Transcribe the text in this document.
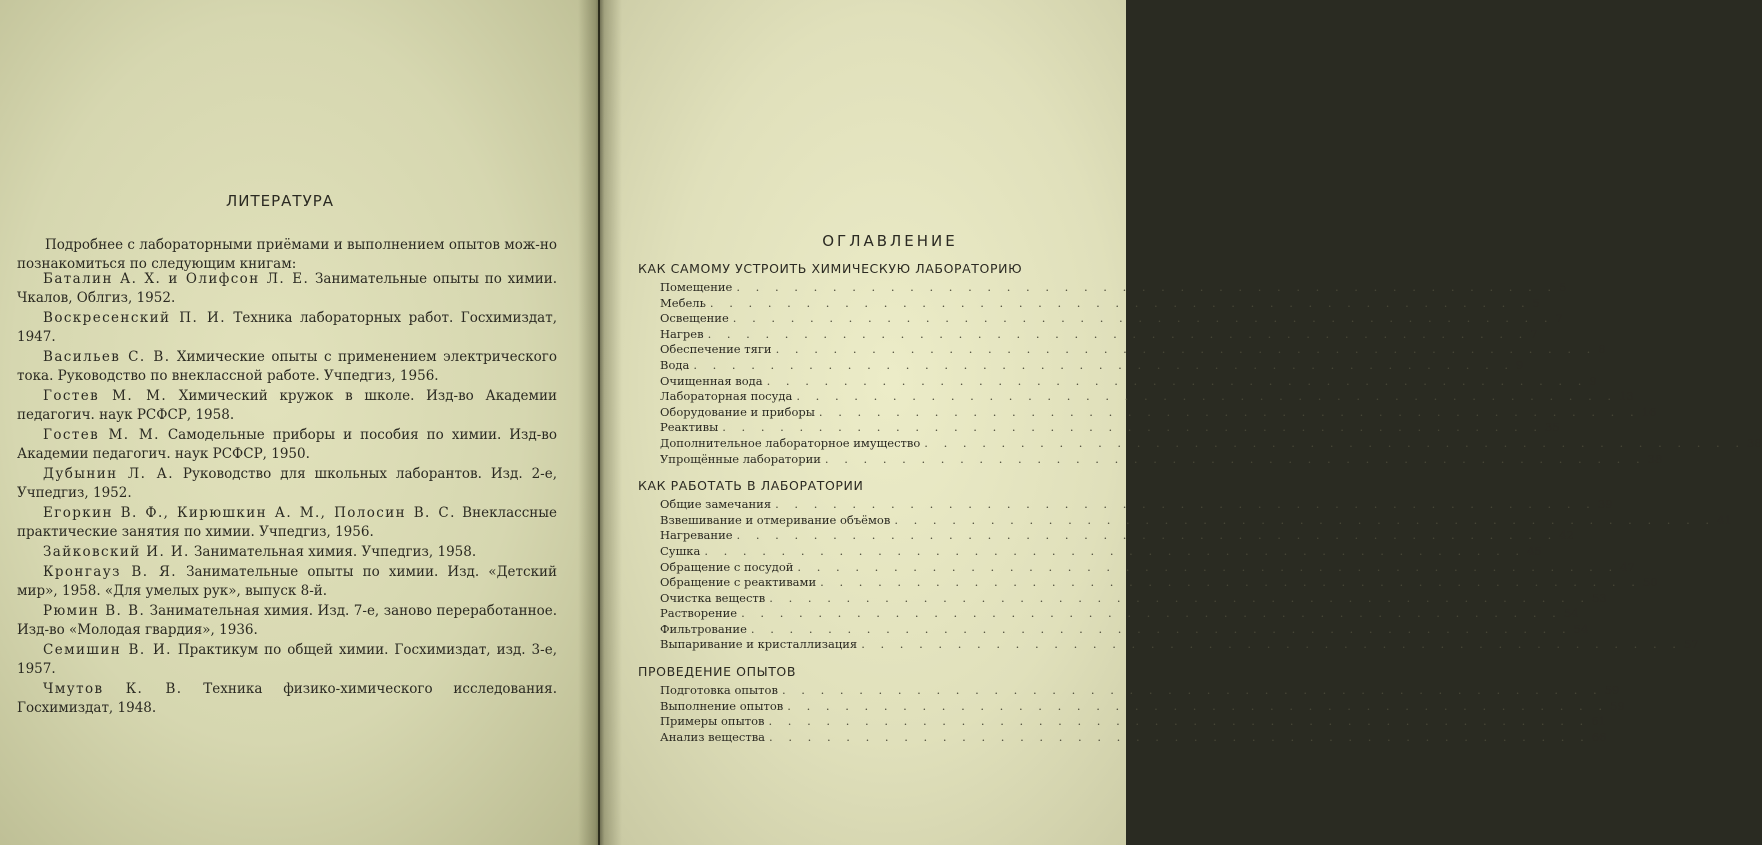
ЛИТЕРАТУРА
Подробнее с лабораторными приёмами и выполнением опытов мож-но познакомиться по следующим книгам:
Баталин А. Х. и Олифсон Л. Е. Занимательные опыты по химии. Чкалов, Облгиз, 1952.
Воскресенский П. И. Техника лабораторных работ. Госхимиздат, 1947.
Васильев С. В. Химические опыты с применением электрического тока. Руководство по внеклассной работе. Учпедгиз, 1956.
Гостев М. М. Химический кружок в школе. Изд-во Академии педагогич. наук РСФСР, 1958.
Гостев М. М. Самодельные приборы и пособия по химии. Изд-во Академии педагогич. наук РСФСР, 1950.
Дубынин Л. А. Руководство для школьных лаборантов. Изд. 2-е, Учпедгиз, 1952.
Егоркин В. Ф., Кирюшкин А. М., Полосин В. С. Внеклассные практические занятия по химии. Учпедгиз, 1956.
Зайковский И. И. Занимательная химия. Учпедгиз, 1958.
Кронгауз В. Я. Занимательные опыты по химии. Изд. «Детский мир», 1958. «Для умелых рук», выпуск 8-й.
Рюмин В. В. Занимательная химия. Изд. 7-е, заново переработанное. Изд-во «Молодая гвардия», 1936.
Семишин В. И. Практикум по общей химии. Госхимиздат, изд. 3-е, 1957.
Чмутов К. В. Техника физико-химического исследования. Госхимиздат, 1948.
ОГЛАВЛЕНИЕ
КАК САМОМУ УСТРОИТЬ ХИМИЧЕСКУЮ ЛАБОРАТОРИЮ
Помещение . . . . . . . . . . . . . . . . . . . . . . . . . . . . . . . . . . . . . . . . . . . 5
Мебель . . . . . . . . . . . . . . . . . . . . . . . . . . . . . . . . . . . . . . . . . . . 5
Освещение . . . . . . . . . . . . . . . . . . . . . . . . . . . . . . . . . . . . . . . . . . . 7
Нагрев . . . . . . . . . . . . . . . . . . . . . . . . . . . . . . . . . . . . . . . . . . . 7
Обеспечение тяги . . . . . . . . . . . . . . . . . . . . . . . . . . . . . . . . . . . . . . . . . . . 8
Вода . . . . . . . . . . . . . . . . . . . . . . . . . . . . . . . . . . . . . . . . . . . 9
Очищенная вода . . . . . . . . . . . . . . . . . . . . . . . . . . . . . . . . . . . . . . . . . . . 9
Лабораторная посуда . . . . . . . . . . . . . . . . . . . . . . . . . . . . . . . . . . . . . . . . . . . 13
Оборудование и приборы . . . . . . . . . . . . . . . . . . . . . . . . . . . . . . . . . . . . . . . . . . . 16
Реактивы . . . . . . . . . . . . . . . . . . . . . . . . . . . . . . . . . . . . . . . . . . . 35
Дополнительное лабораторное имущество . . . . . . . . . . . . . . . . . . . . . . . . . . . . . . . . . . . . . . . . . . . 38
Упрощённые лаборатории . . . . . . . . . . . . . . . . . . . . . . . . . . . . . . . . . . . . . . . . . . . 38
КАК РАБОТАТЬ В ЛАБОРАТОРИИ
Общие замечания . . . . . . . . . . . . . . . . . . . . . . . . . . . . . . . . . . . . . . . . . . . 39
Взвешивание и отмеривание объёмов . . . . . . . . . . . . . . . . . . . . . . . . . . . . . . . . . . . . . . . . . . . 41
Нагревание . . . . . . . . . . . . . . . . . . . . . . . . . . . . . . . . . . . . . . . . . . . 42
Сушка . . . . . . . . . . . . . . . . . . . . . . . . . . . . . . . . . . . . . . . . . . . 45
Обращение с посудой . . . . . . . . . . . . . . . . . . . . . . . . . . . . . . . . . . . . . . . . . . . 47
Обращение с реактивами . . . . . . . . . . . . . . . . . . . . . . . . . . . . . . . . . . . . . . . . . . . 50
Очистка веществ . . . . . . . . . . . . . . . . . . . . . . . . . . . . . . . . . . . . . . . . . . . 53
Растворение . . . . . . . . . . . . . . . . . . . . . . . . . . . . . . . . . . . . . . . . . . . 54
Фильтрование . . . . . . . . . . . . . . . . . . . . . . . . . . . . . . . . . . . . . . . . . . . 54
Выпаривание и кристаллизация . . . . . . . . . . . . . . . . . . . . . . . . . . . . . . . . . . . . . . . . . . . 57
ПРОВЕДЕНИЕ ОПЫТОВ
Подготовка опытов . . . . . . . . . . . . . . . . . . . . . . . . . . . . . . . . . . . . . . . . . . . 59
Выполнение опытов . . . . . . . . . . . . . . . . . . . . . . . . . . . . . . . . . . . . . . . . . . . 59
Примеры опытов . . . . . . . . . . . . . . . . . . . . . . . . . . . . . . . . . . . . . . . . . . . 61
Анализ вещества . . . . . . . . . . . . . . . . . . . . . . . . . . . . . . . . . . . . . . . . . . . 66
